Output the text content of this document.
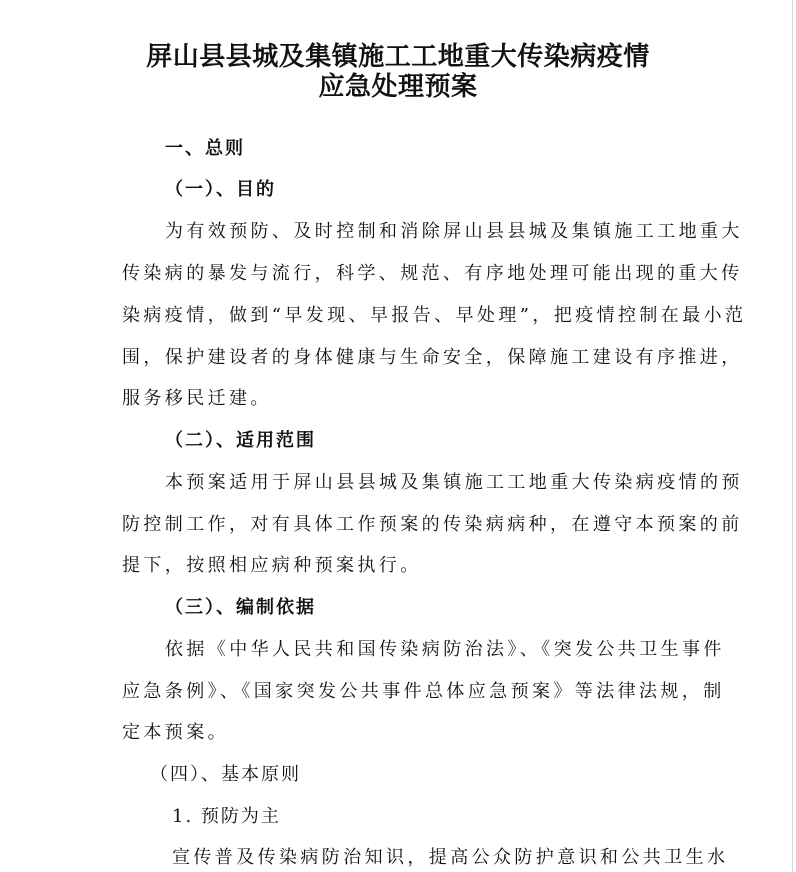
屏山县县城及集镇施工工地重大传染病疫情
应急处理预案
一、总则
（一）、目的
为有效预防、及时控制和消除屏山县县城及集镇施工工地重大
传染病的暴发与流行，科学、规范、有序地处理可能出现的重大传
染病疫情，做到“早发现、早报告、早处理”，把疫情控制在最小范
围，保护建设者的身体健康与生命安全，保障施工建设有序推进，
服务移民迁建。
（二）、适用范围
本预案适用于屏山县县城及集镇施工工地重大传染病疫情的预
防控制工作，对有具体工作预案的传染病病种，在遵守本预案的前
提下，按照相应病种预案执行。
（三）、编制依据
依据《中华人民共和国传染病防治法》、《突发公共卫生事件
应急条例》、《国家突发公共事件总体应急预案》等法律法规，制
定本预案。
（四）、基本原则
1. 预防为主
宣传普及传染病防治知识，提高公众防护意识和公共卫生水
